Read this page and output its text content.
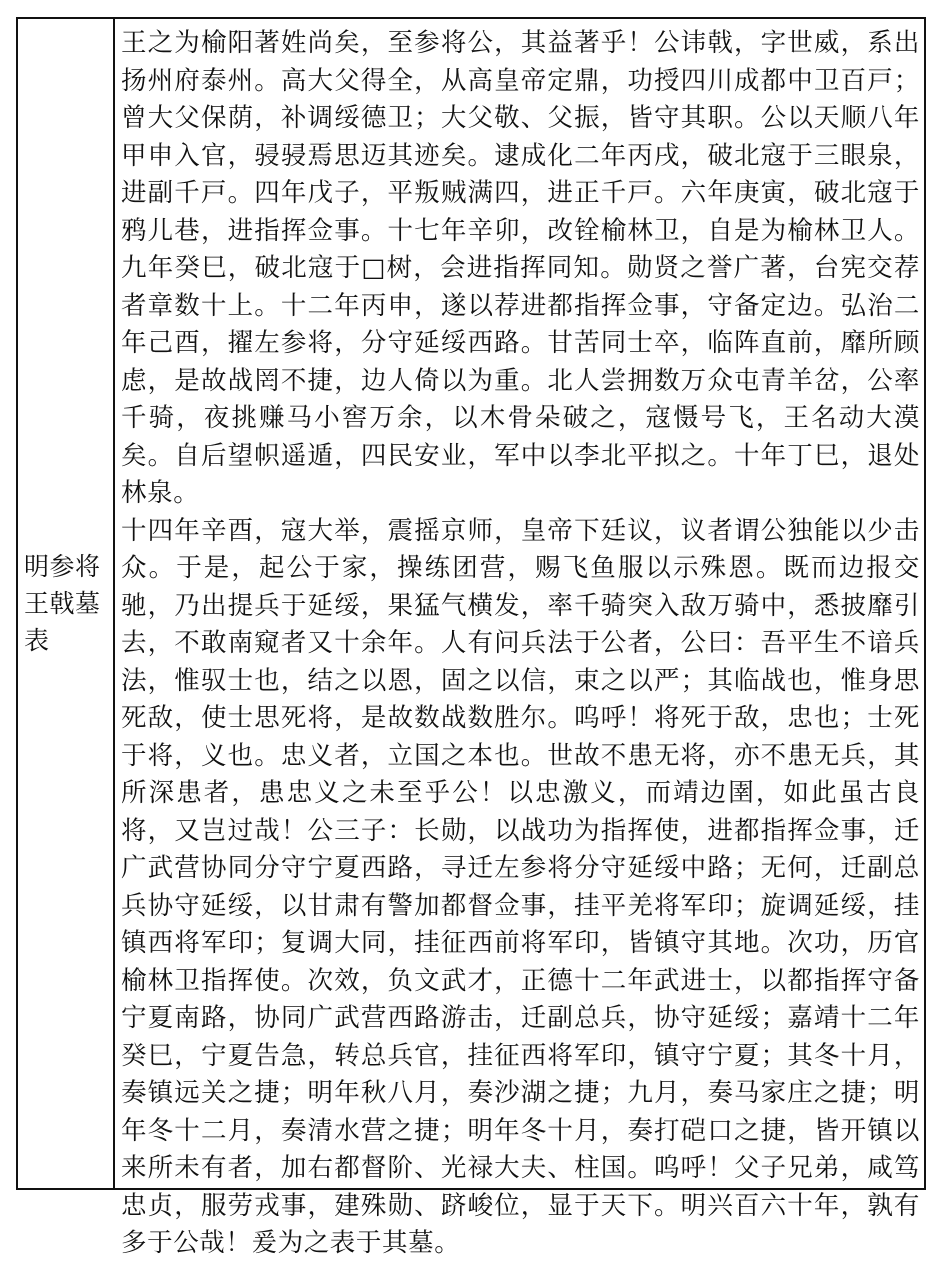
明参将王戟墓表

王之为榆阳著姓尚矣，至参将公，其益著乎！公讳戟，字世威，系出扬州府泰州。高大父得全，从高皇帝定鼎，功授四川成都中卫百戸；曾大父保荫，补调绥德卫；大父敬、父振，皆守其职。公以天顺八年甲申入官，骎骎焉思迈其迹矣。逮成化二年丙戌，破北寇于三眼泉，进副千戸。四年戊子，平叛贼满四，进正千戸。六年庚寅，破北寇于鸦儿巷，进指挥佥事。十七年辛卯，改铨榆林卫，自是为榆林卫人。九年癸巳，破北寇于□树，会进指挥同知。勋贤之誉广著，台宪交荐者章数十上。十二年丙申，遂以荐进都指挥佥事，守备定边。弘治二年己酉，擢左参将，分守延绥西路。甘苦同士卒，临阵直前，靡所顾虑，是故战罔不捷，边人倚以为重。北人尝拥数万众屯青羊岔，公率千骑，夜挑赚马小窖万余，以木骨朵破之，寇慑号飞，王名动大漠矣。自后望帜遥遁，四民安业，军中以李北平拟之。十年丁巳，退处林泉。

十四年辛酉，寇大举，震摇京师，皇帝下廷议，议者谓公独能以少击众。于是，起公于家，操练团营，赐飞鱼服以示殊恩。既而边报交驰，乃出提兵于延绥，果猛气横发，率千骑突入敌万骑中，悉披靡引去，不敢南窥者又十余年。人有问兵法于公者，公曰：吾平生不谙兵法，惟驭士也，结之以恩，固之以信，束之以严；其临战也，惟身思死敌，使士思死将，是故数战数胜尔。呜呼！将死于敌，忠也；士死于将，义也。忠义者，立国之本也。世故不患无将，亦不患无兵，其所深患者，患忠义之未至乎公！以忠激义，而靖边圉，如此虽古良将，又岂过哉！公三子：长勋，以战功为指挥使，进都指挥佥事，迁广武营协同分守宁夏西路，寻迁左参将分守延绥中路；无何，迁副总兵协守延绥，以甘肃有警加都督佥事，挂平羌将军印；旋调延绥，挂镇西将军印；复调大同，挂征西前将军印，皆镇守其地。次功，历官榆林卫指挥使。次效，负文武才，正德十二年武进士，以都指挥守备宁夏南路，协同广武营西路游击，迁副总兵，协守延绥；嘉靖十二年癸巳，宁夏告急，转总兵官，挂征西将军印，镇守宁夏；其冬十月，奏镇远关之捷；明年秋八月，奏沙湖之捷；九月，奏马家庄之捷；明年冬十二月，奏清水营之捷；明年冬十月，奏打硙口之捷，皆开镇以来所未有者，加右都督阶、光禄大夫、柱国。呜呼！父子兄弟，咸笃忠贞，服劳戎事，建殊勋、跻峻位，显于天下。明兴百六十年，孰有多于公哉！爰为之表于其墓。
